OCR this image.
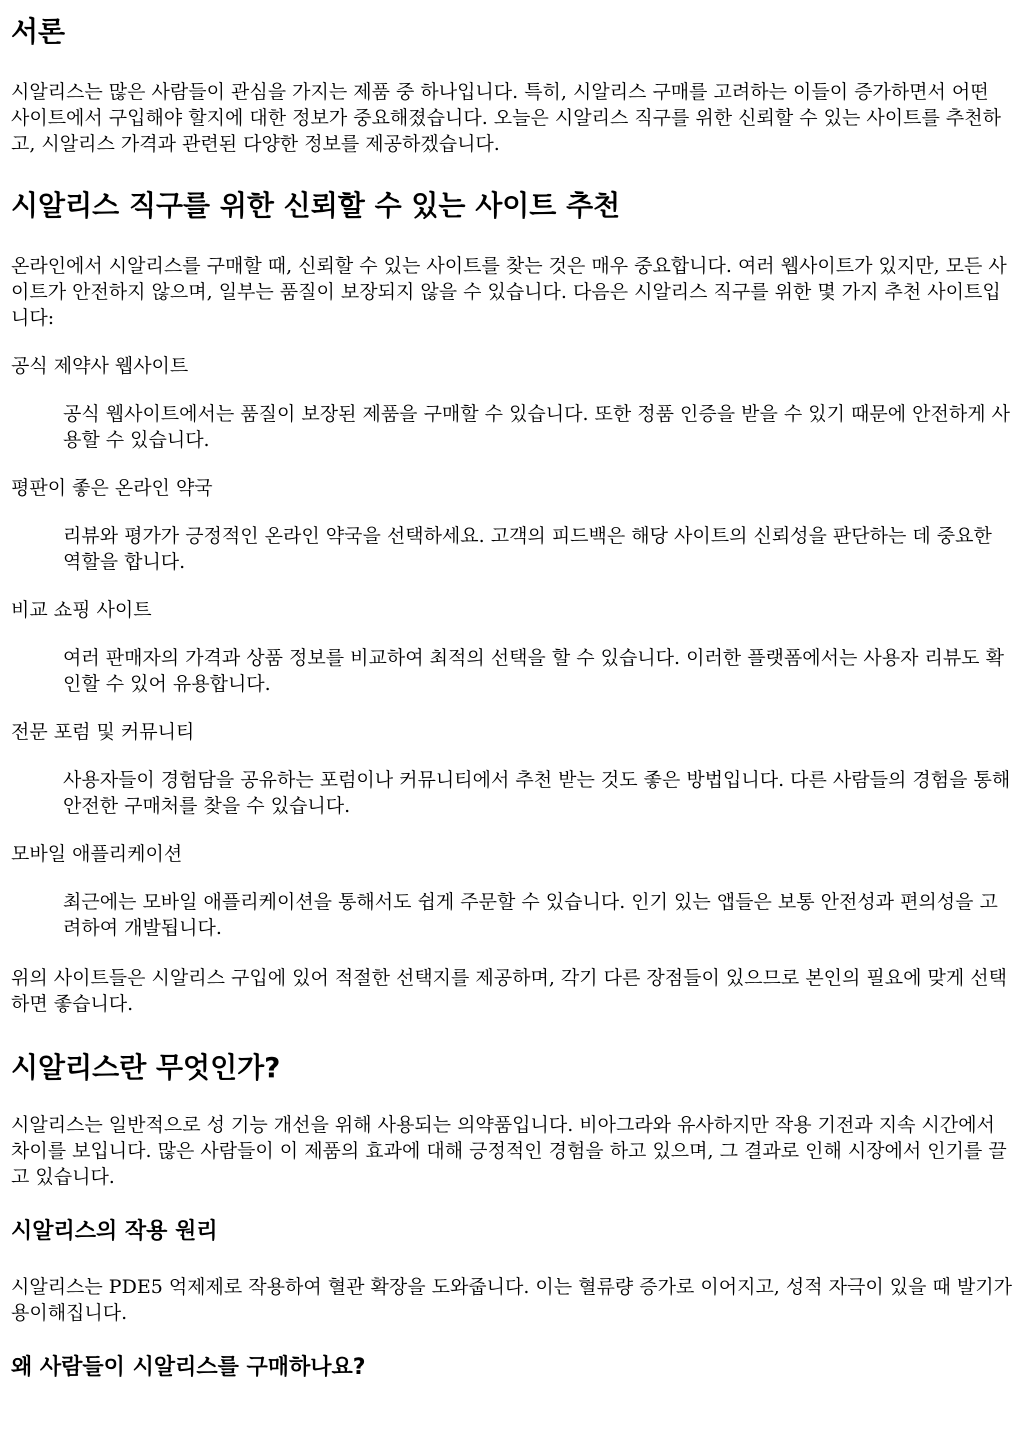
서론

시알리스는 많은 사람들이 관심을 가지는 제품 중 하나입니다. 특히, 시알리스 구매를 고려하는 이들이 증가하면서 어떤 사이트에서 구입해야 할지에 대한 정보가 중요해졌습니다. 오늘은 시알리스 직구를 위한 신뢰할 수 있는 사이트를 추천하고, 시알리스 가격과 관련된 다양한 정보를 제공하겠습니다.

시알리스 직구를 위한 신뢰할 수 있는 사이트 추천

온라인에서 시알리스를 구매할 때, 신뢰할 수 있는 사이트를 찾는 것은 매우 중요합니다. 여러 웹사이트가 있지만, 모든 사이트가 안전하지 않으며, 일부는 품질이 보장되지 않을 수 있습니다. 다음은 시알리스 직구를 위한 몇 가지 추천 사이트입니다:

공식 제약사 웹사이트
공식 웹사이트에서는 품질이 보장된 제품을 구매할 수 있습니다. 또한 정품 인증을 받을 수 있기 때문에 안전하게 사용할 수 있습니다.
평판이 좋은 온라인 약국
리뷰와 평가가 긍정적인 온라인 약국을 선택하세요. 고객의 피드백은 해당 사이트의 신뢰성을 판단하는 데 중요한 역할을 합니다.
비교 쇼핑 사이트
여러 판매자의 가격과 상품 정보를 비교하여 최적의 선택을 할 수 있습니다. 이러한 플랫폼에서는 사용자 리뷰도 확인할 수 있어 유용합니다.
전문 포럼 및 커뮤니티
사용자들이 경험담을 공유하는 포럼이나 커뮤니티에서 추천 받는 것도 좋은 방법입니다. 다른 사람들의 경험을 통해 안전한 구매처를 찾을 수 있습니다.
모바일 애플리케이션
최근에는 모바일 애플리케이션을 통해서도 쉽게 주문할 수 있습니다. 인기 있는 앱들은 보통 안전성과 편의성을 고려하여 개발됩니다.

위의 사이트들은 시알리스 구입에 있어 적절한 선택지를 제공하며, 각기 다른 장점들이 있으므로 본인의 필요에 맞게 선택하면 좋습니다.

시알리스란 무엇인가?

시알리스는 일반적으로 성 기능 개선을 위해 사용되는 의약품입니다. 비아그라와 유사하지만 작용 기전과 지속 시간에서 차이를 보입니다. 많은 사람들이 이 제품의 효과에 대해 긍정적인 경험을 하고 있으며, 그 결과로 인해 시장에서 인기를 끌고 있습니다.

시알리스의 작용 원리

시알리스는 PDE5 억제제로 작용하여 혈관 확장을 도와줍니다. 이는 혈류량 증가로 이어지고, 성적 자극이 있을 때 발기가 용이해집니다.

왜 사람들이 시알리스를 구매하나요?
